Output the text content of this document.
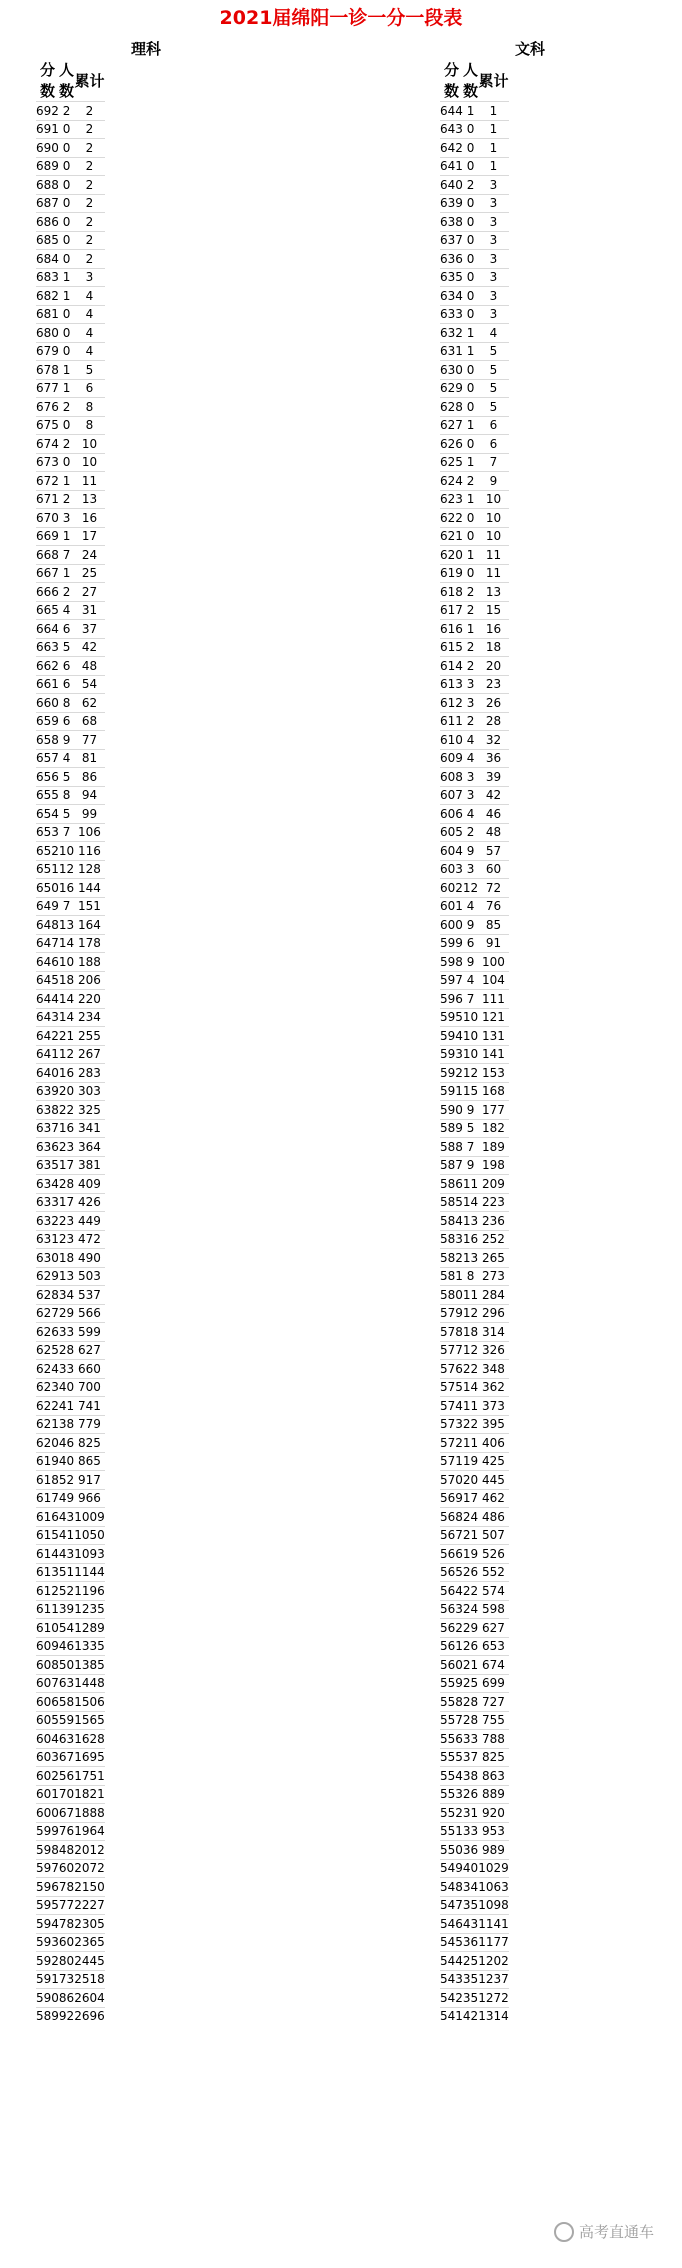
2021届绵阳一诊一分一段表
理科
分数	人数	累计
692	2	2
691	0	2
690	0	2
689	0	2
688	0	2
687	0	2
686	0	2
685	0	2
684	0	2
683	1	3
682	1	4
681	0	4
680	0	4
679	0	4
678	1	5
677	1	6
676	2	8
675	0	8
674	2	10
673	0	10
672	1	11
671	2	13
670	3	16
669	1	17
668	7	24
667	1	25
666	2	27
665	4	31
664	6	37
663	5	42
662	6	48
661	6	54
660	8	62
659	6	68
658	9	77
657	4	81
656	5	86
655	8	94
654	5	99
653	7	106
652	10	116
651	12	128
650	16	144
649	7	151
648	13	164
647	14	178
646	10	188
645	18	206
644	14	220
643	14	234
642	21	255
641	12	267
640	16	283
639	20	303
638	22	325
637	16	341
636	23	364
635	17	381
634	28	409
633	17	426
632	23	449
631	23	472
630	18	490
629	13	503
628	34	537
627	29	566
626	33	599
625	28	627
624	33	660
623	40	700
622	41	741
621	38	779
620	46	825
619	40	865
618	52	917
617	49	966
616	43	1009
615	41	1050
614	43	1093
613	51	1144
612	52	1196
611	39	1235
610	54	1289
609	46	1335
608	50	1385
607	63	1448
606	58	1506
605	59	1565
604	63	1628
603	67	1695
602	56	1751
601	70	1821
600	67	1888
599	76	1964
598	48	2012
597	60	2072
596	78	2150
595	77	2227
594	78	2305
593	60	2365
592	80	2445
591	73	2518
590	86	2604
589	92	2696
文科
分数	人数	累计
644	1	1
643	0	1
642	0	1
641	0	1
640	2	3
639	0	3
638	0	3
637	0	3
636	0	3
635	0	3
634	0	3
633	0	3
632	1	4
631	1	5
630	0	5
629	0	5
628	0	5
627	1	6
626	0	6
625	1	7
624	2	9
623	1	10
622	0	10
621	0	10
620	1	11
619	0	11
618	2	13
617	2	15
616	1	16
615	2	18
614	2	20
613	3	23
612	3	26
611	2	28
610	4	32
609	4	36
608	3	39
607	3	42
606	4	46
605	2	48
604	9	57
603	3	60
602	12	72
601	4	76
600	9	85
599	6	91
598	9	100
597	4	104
596	7	111
595	10	121
594	10	131
593	10	141
592	12	153
591	15	168
590	9	177
589	5	182
588	7	189
587	9	198
586	11	209
585	14	223
584	13	236
583	16	252
582	13	265
581	8	273
580	11	284
579	12	296
578	18	314
577	12	326
576	22	348
575	14	362
574	11	373
573	22	395
572	11	406
571	19	425
570	20	445
569	17	462
568	24	486
567	21	507
566	19	526
565	26	552
564	22	574
563	24	598
562	29	627
561	26	653
560	21	674
559	25	699
558	28	727
557	28	755
556	33	788
555	37	825
554	38	863
553	26	889
552	31	920
551	33	953
550	36	989
549	40	1029
548	34	1063
547	35	1098
546	43	1141
545	36	1177
544	25	1202
543	35	1237
542	35	1272
541	42	1314
高考直通车
